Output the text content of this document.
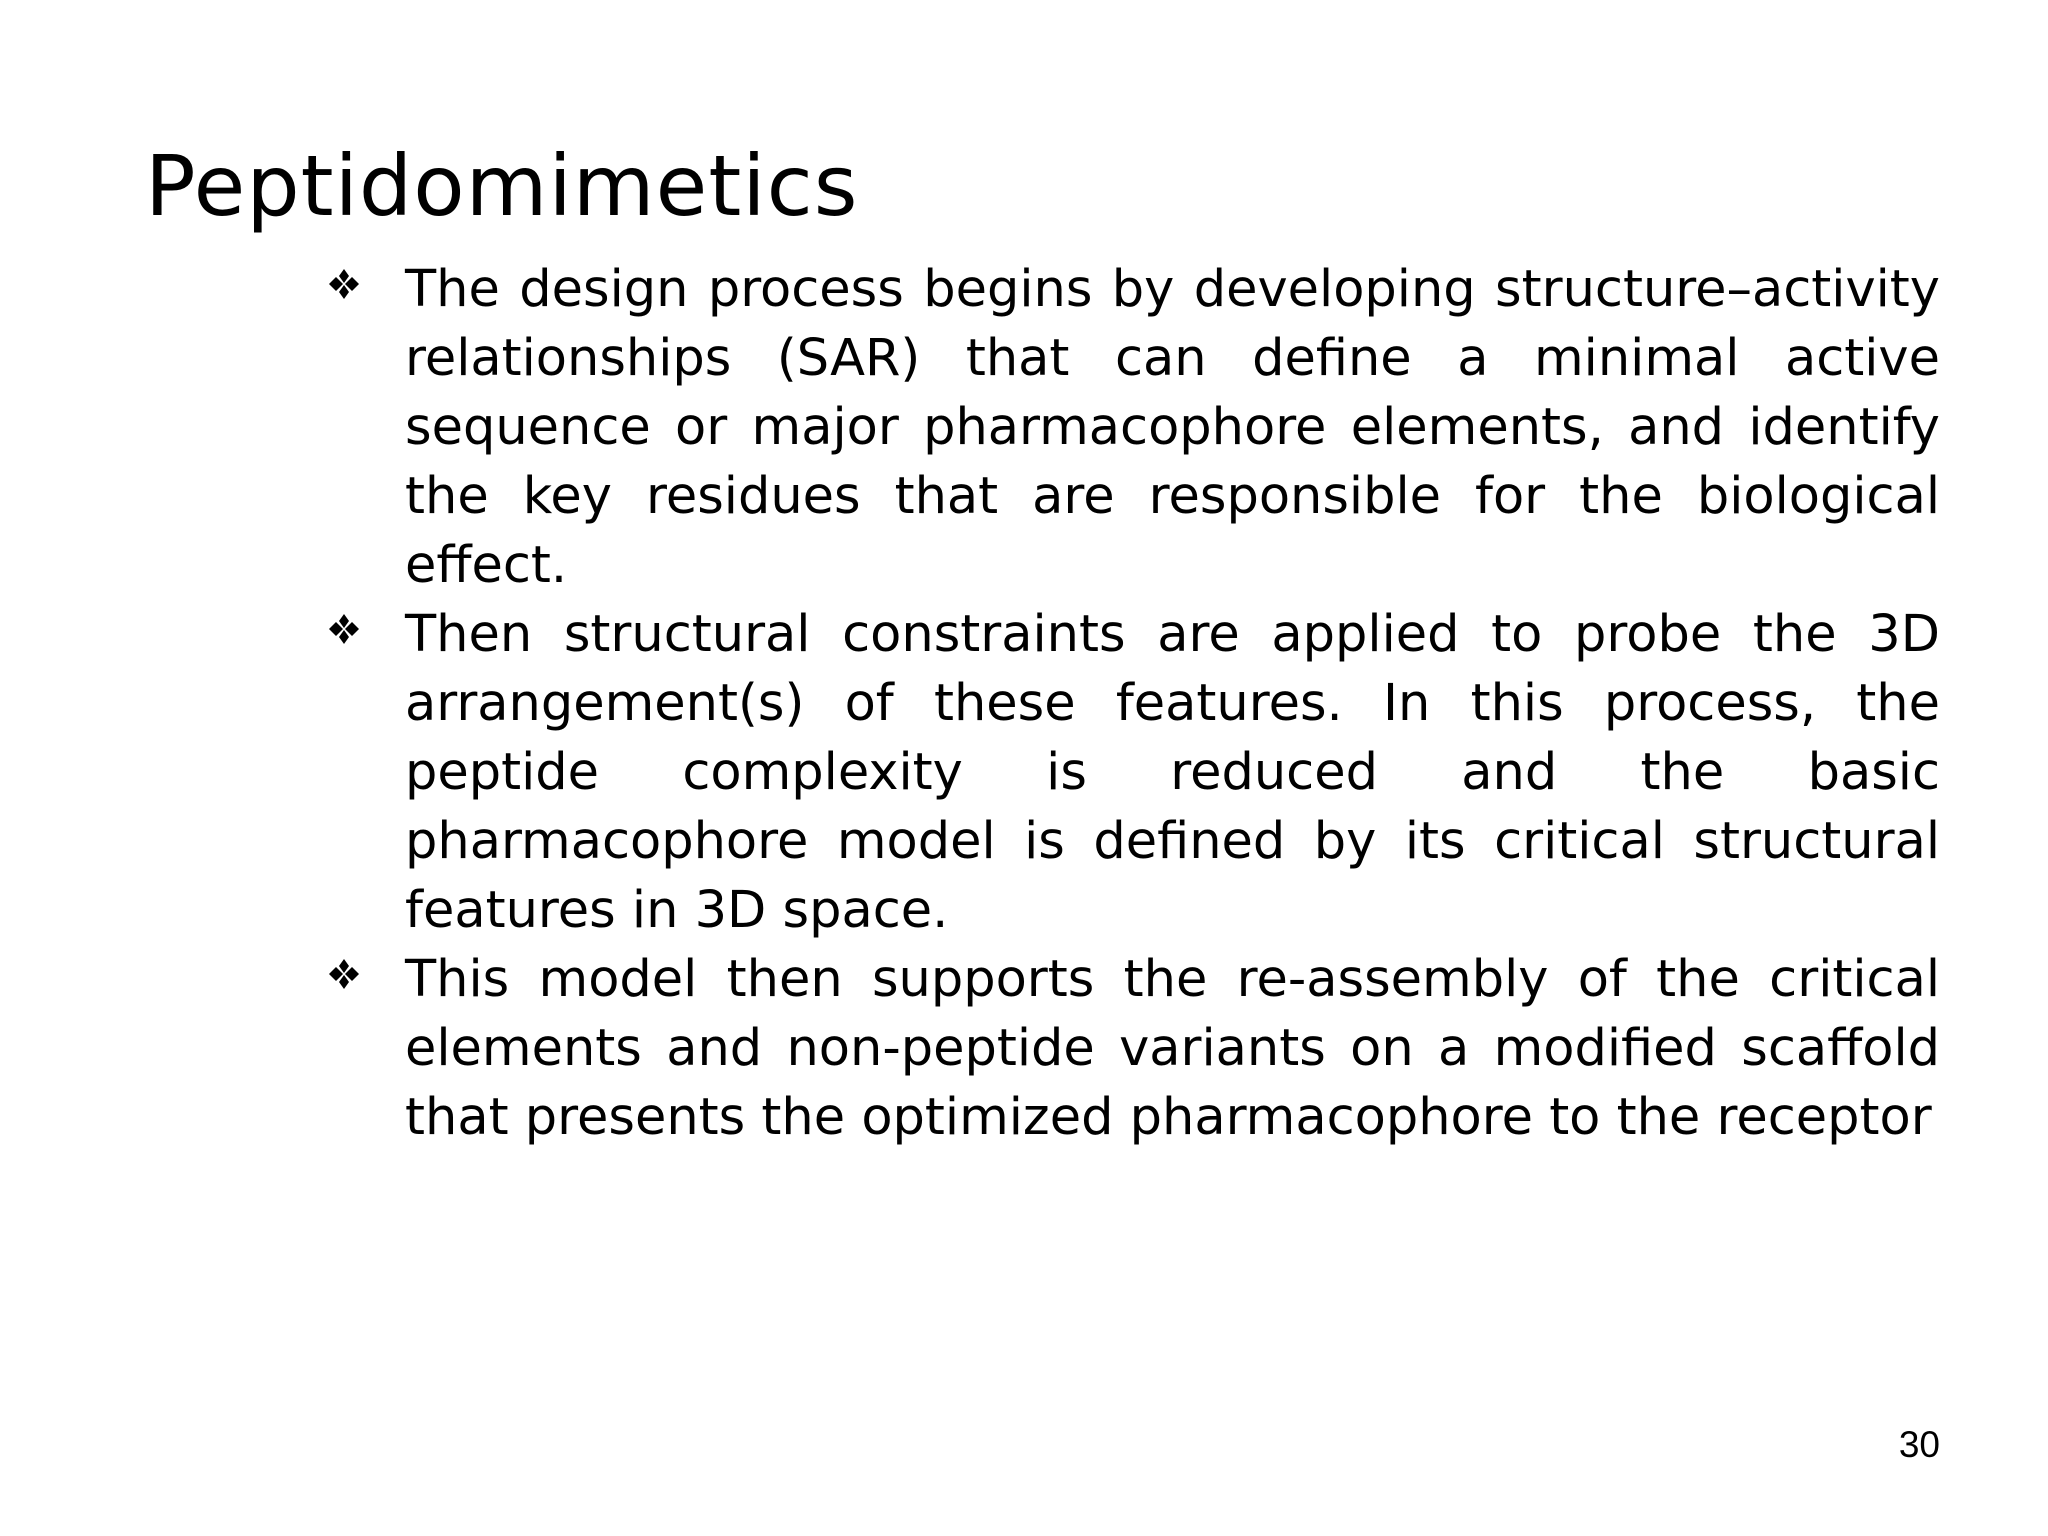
Peptidomimetics
The design process begins by developing structure–activity relationships (SAR) that can define a minimal active sequence or major pharmacophore elements, and identify the key residues that are responsible for the biological effect.
Then structural constraints are applied to probe the 3D arrangement(s) of these features. In this process, the peptide complexity is reduced and the basic pharmacophore model is defined by its critical structural features in 3D space.
This model then supports the re-assembly of the critical elements and non-peptide variants on a modified scaffold that presents the optimized pharmacophore to the receptor
30
